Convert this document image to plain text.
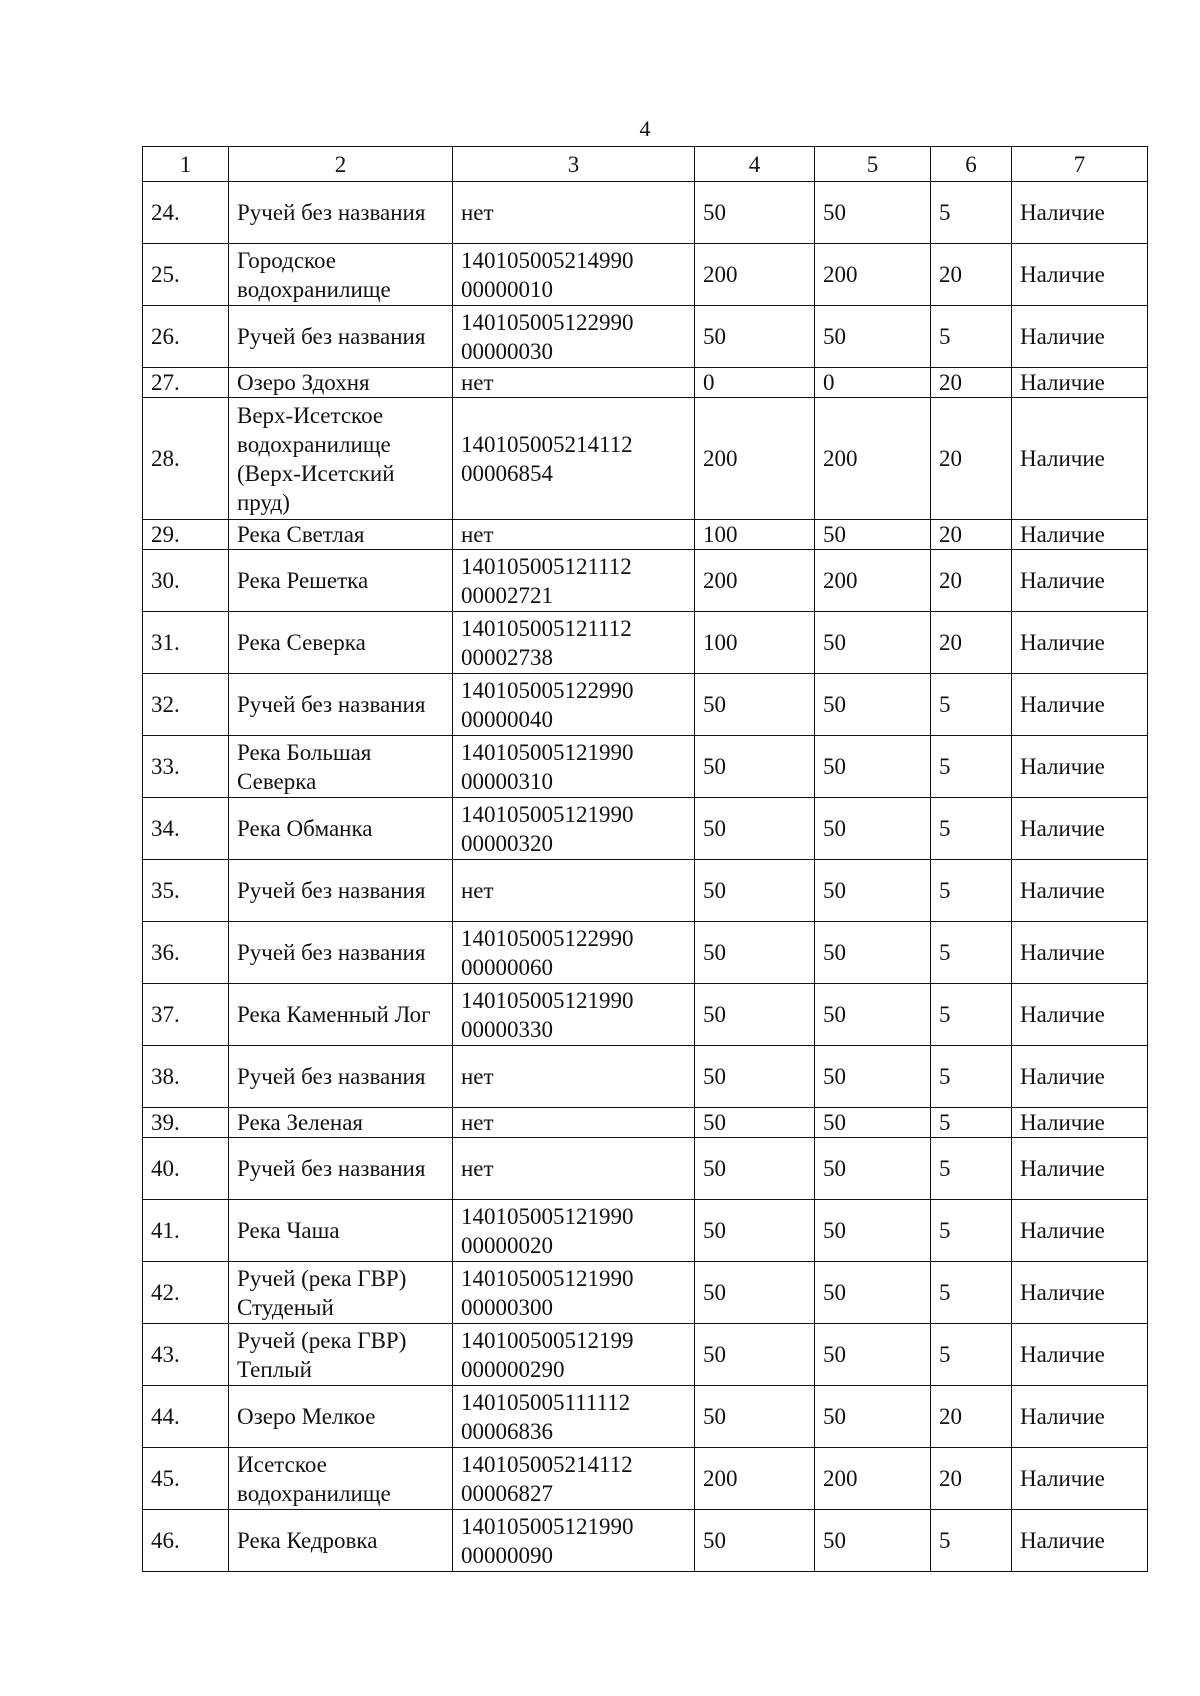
4
1	2	3	4	5	6	7
24.	Ручей без названия	нет	50	50	5	Наличие
25.	Городское водохранилище	140105005214990 00000010	200	200	20	Наличие
26.	Ручей без названия	140105005122990 00000030	50	50	5	Наличие
27.	Озеро Здохня	нет	0	0	20	Наличие
28.	Верх-Исетское водохранилище (Верх-Исетский пруд)	140105005214112 00006854	200	200	20	Наличие
29.	Река Светлая	нет	100	50	20	Наличие
30.	Река Решетка	140105005121112 00002721	200	200	20	Наличие
31.	Река Северка	140105005121112 00002738	100	50	20	Наличие
32.	Ручей без названия	140105005122990 00000040	50	50	5	Наличие
33.	Река Большая Северка	140105005121990 00000310	50	50	5	Наличие
34.	Река Обманка	140105005121990 00000320	50	50	5	Наличие
35.	Ручей без названия	нет	50	50	5	Наличие
36.	Ручей без названия	140105005122990 00000060	50	50	5	Наличие
37.	Река Каменный Лог	140105005121990 00000330	50	50	5	Наличие
38.	Ручей без названия	нет	50	50	5	Наличие
39.	Река Зеленая	нет	50	50	5	Наличие
40.	Ручей без названия	нет	50	50	5	Наличие
41.	Река Чаша	140105005121990 00000020	50	50	5	Наличие
42.	Ручей (река ГВР) Студеный	140105005121990 00000300	50	50	5	Наличие
43.	Ручей (река ГВР) Теплый	140100500512199 000000290	50	50	5	Наличие
44.	Озеро Мелкое	140105005111112 00006836	50	50	20	Наличие
45.	Исетское водохранилище	140105005214112 00006827	200	200	20	Наличие
46.	Река Кедровка	140105005121990 00000090	50	50	5	Наличие
